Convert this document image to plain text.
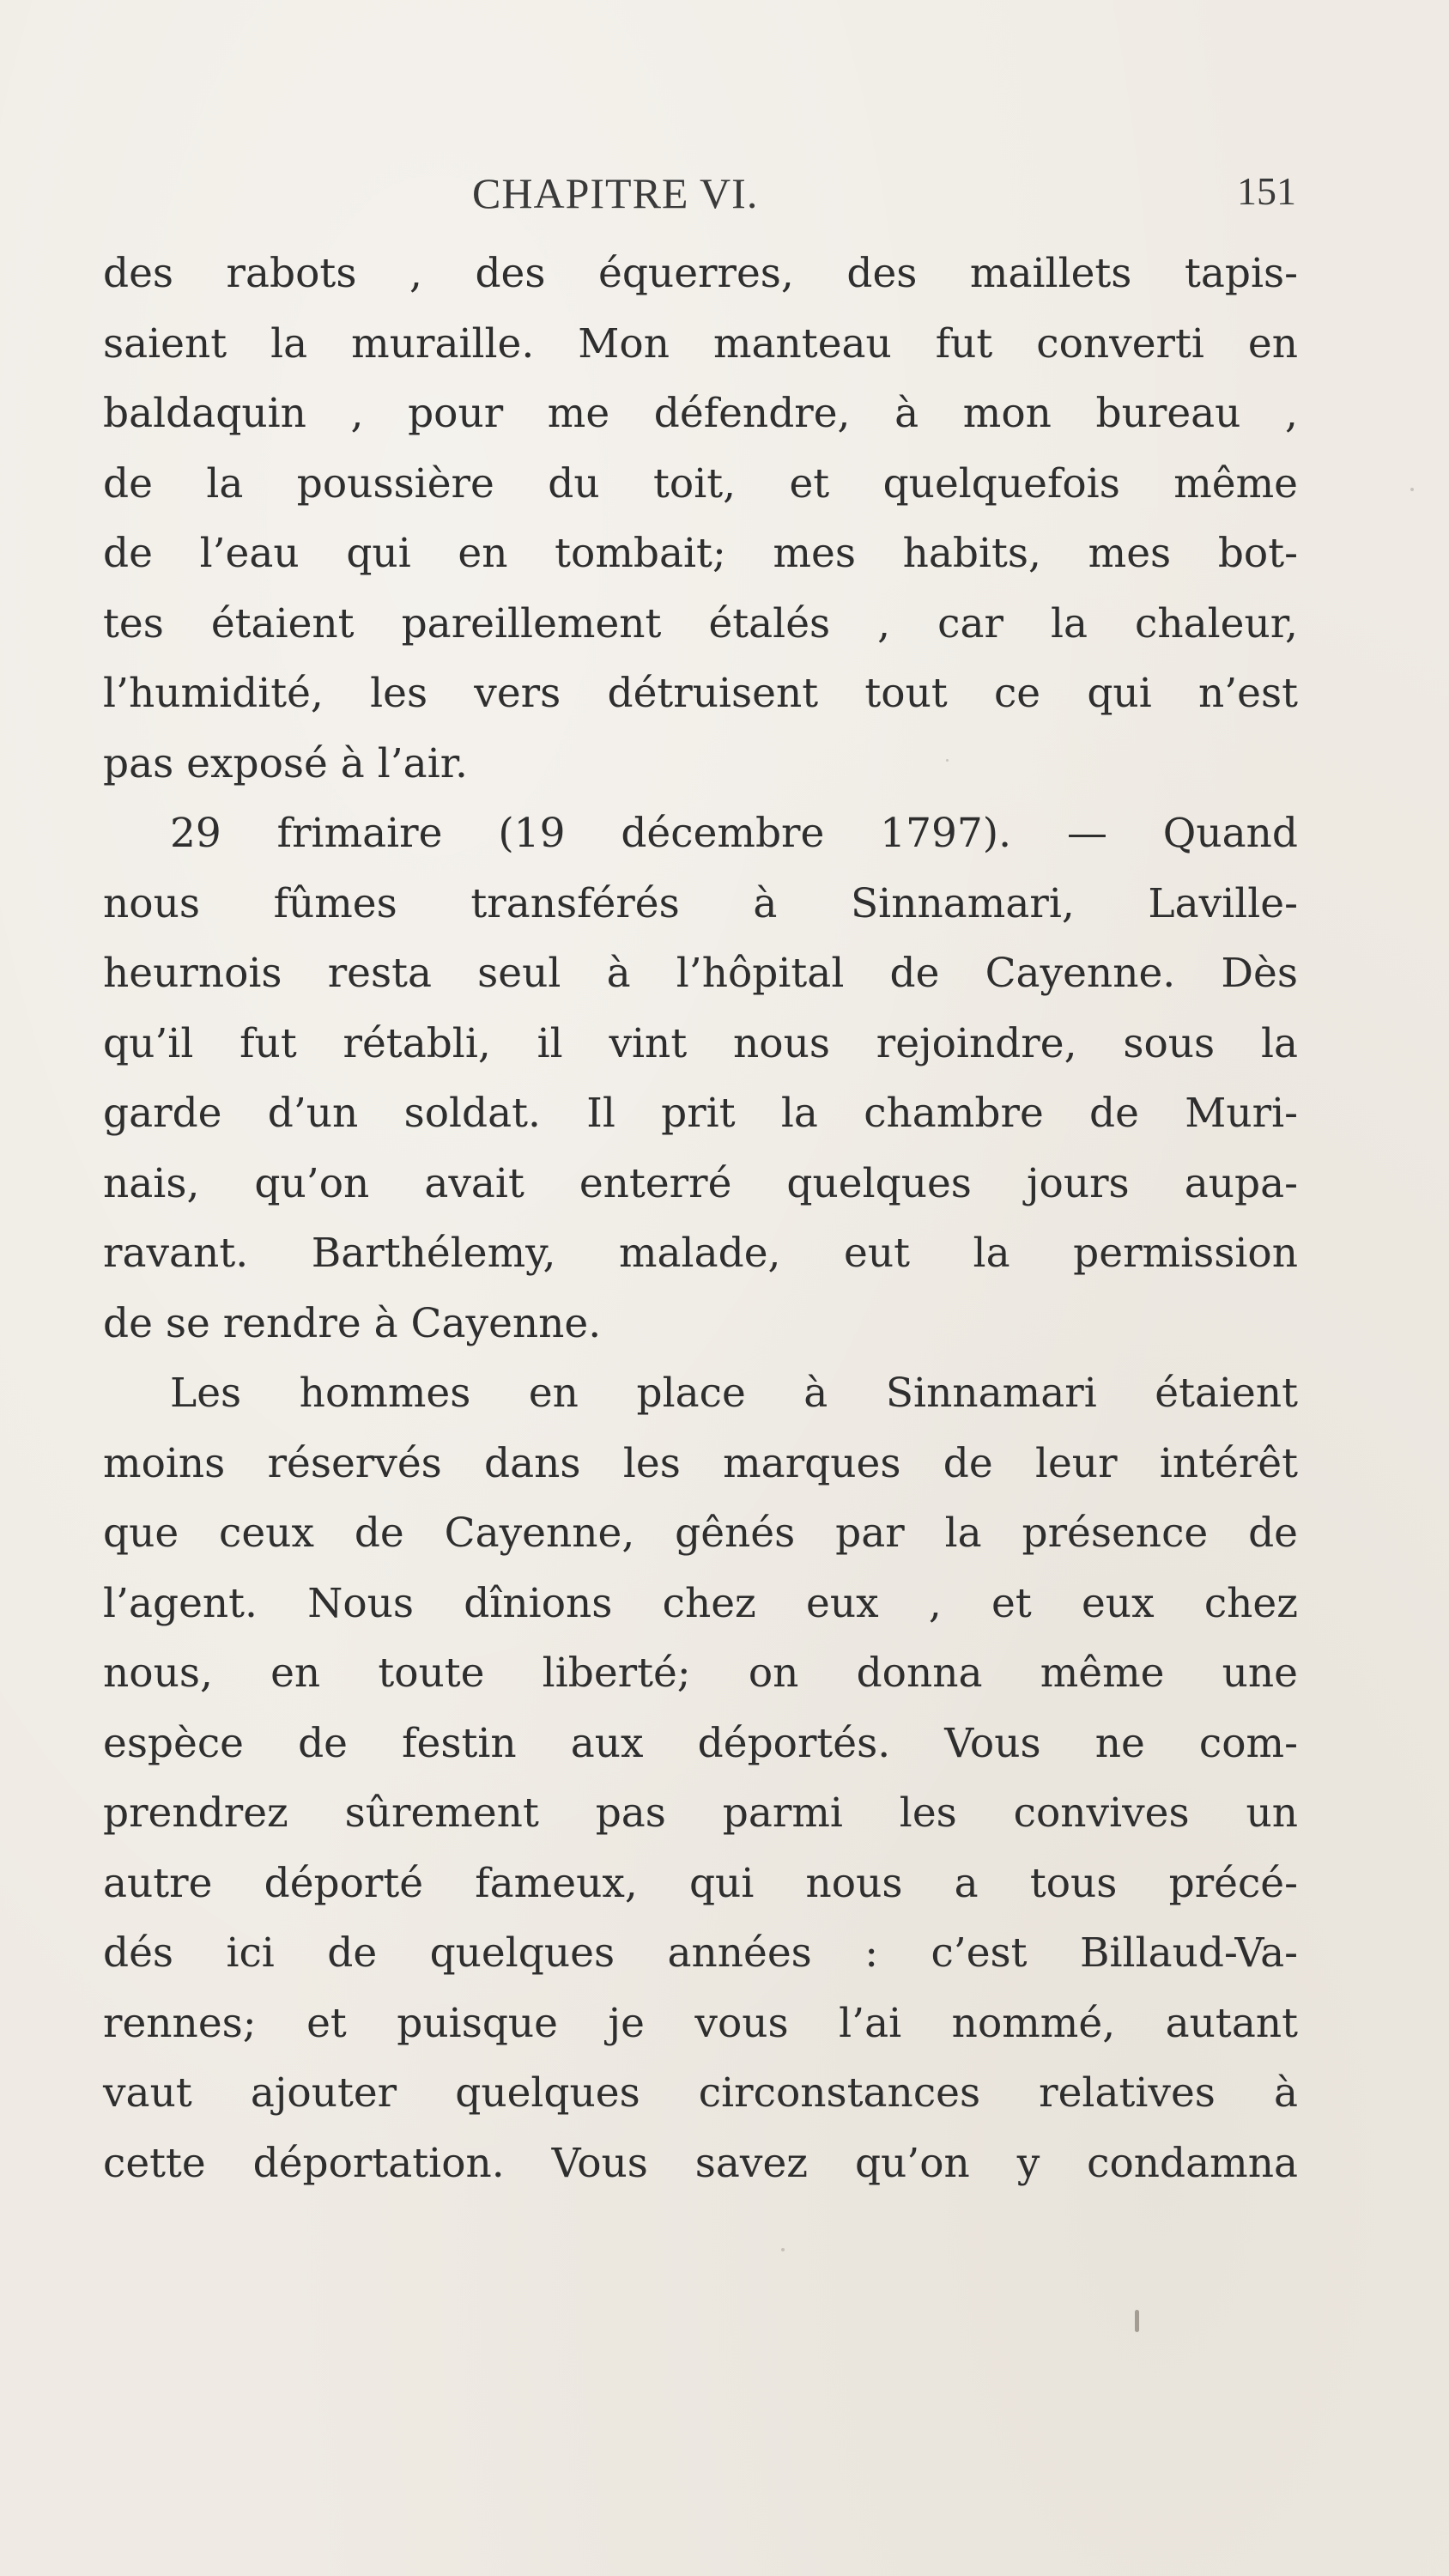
CHAPITRE VI.	151
des rabots , des équerres, des maillets tapis-
saient la muraille. Mon manteau fut converti en
baldaquin , pour me défendre, à mon bureau ,
de la poussière du toit, et quelquefois même
de l’eau qui en tombait; mes habits, mes bot-
tes étaient pareillement étalés , car la chaleur,
l’humidité, les vers détruisent tout ce qui n’est
pas exposé à l’air.
29 frimaire (19 décembre 1797). — Quand
nous fûmes transférés à Sinnamari, Laville-
heurnois resta seul à l’hôpital de Cayenne. Dès
qu’il fut rétabli, il vint nous rejoindre, sous la
garde d’un soldat. Il prit la chambre de Muri-
nais, qu’on avait enterré quelques jours aupa-
ravant. Barthélemy, malade, eut la permission
de se rendre à Cayenne.
Les hommes en place à Sinnamari étaient
moins réservés dans les marques de leur intérêt
que ceux de Cayenne, gênés par la présence de
l’agent. Nous dînions chez eux , et eux chez
nous, en toute liberté; on donna même une
espèce de festin aux déportés. Vous ne com-
prendrez sûrement pas parmi les convives un
autre déporté fameux, qui nous a tous précé-
dés ici de quelques années : c’est Billaud-Va-
rennes; et puisque je vous l’ai nommé, autant
vaut ajouter quelques circonstances relatives à
cette déportation. Vous savez qu’on y condamna
